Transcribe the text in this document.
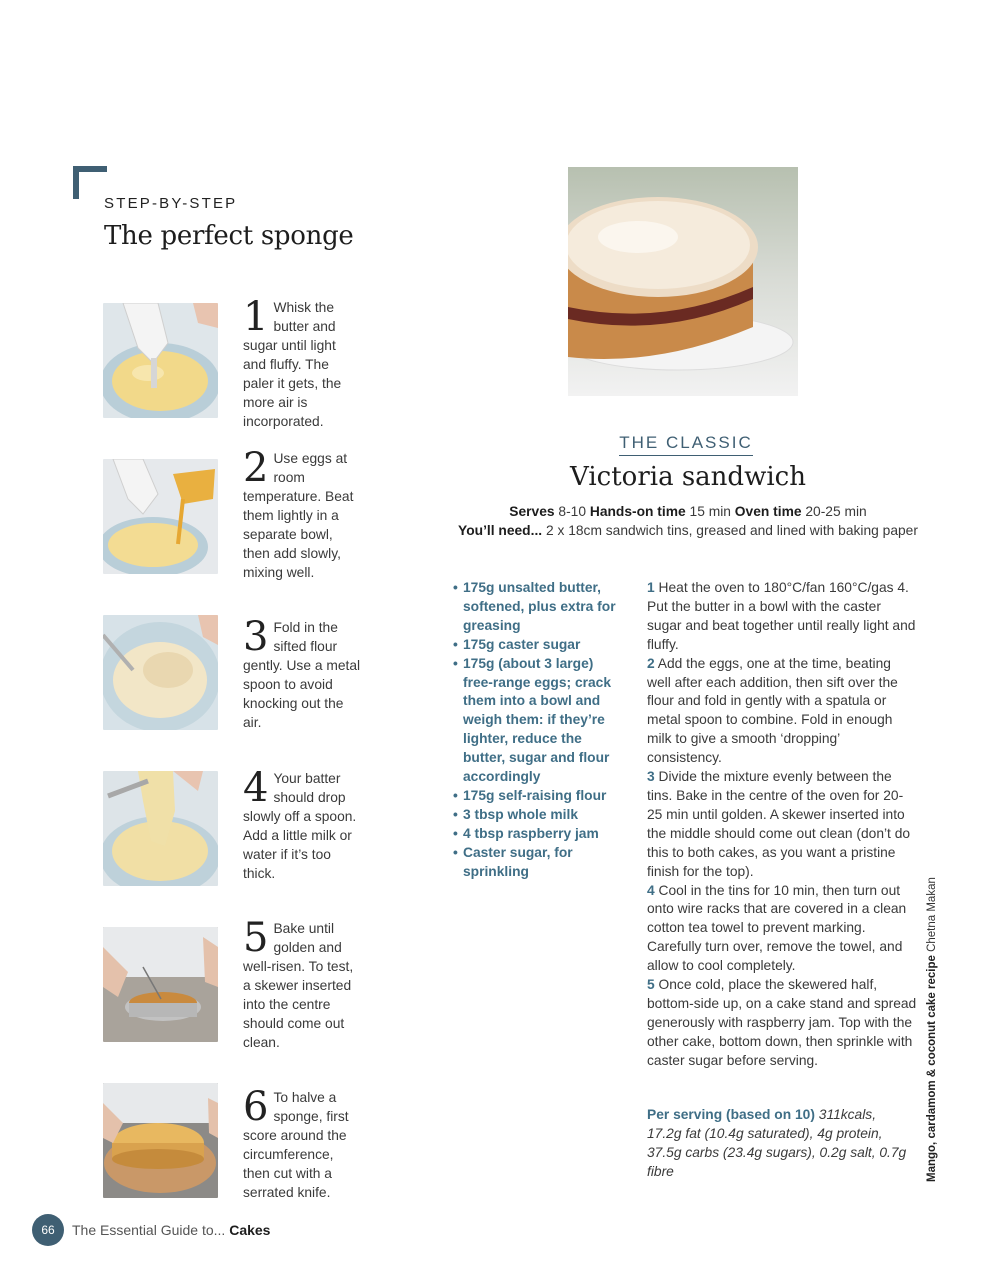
STEP-BY-STEP
The perfect sponge
1 Whisk the butter and sugar until light and fluffy. The paler it gets, the more air is incorporated.
2 Use eggs at room temperature. Beat them lightly in a separate bowl, then add slowly, mixing well.
3 Fold in the sifted flour gently. Use a metal spoon to avoid knocking out the air.
4 Your batter should drop slowly off a spoon. Add a little milk or water if it’s too thick.
5 Bake until golden and well-risen. To test, a skewer inserted into the centre should come out clean.
6 To halve a sponge, first score around the circumference, then cut with a serrated knife.
THE CLASSIC
Victoria sandwich
Serves 8-10 Hands-on time 15 min Oven time 20-25 min
You’ll need... 2 x 18cm sandwich tins, greased and lined with baking paper
• 175g unsalted butter, softened, plus extra for greasing
• 175g caster sugar
• 175g (about 3 large) free-range eggs; crack them into a bowl and weigh them: if they’re lighter, reduce the butter, sugar and flour accordingly
• 175g self-raising flour
• 3 tbsp whole milk
• 4 tbsp raspberry jam
• Caster sugar, for sprinkling

1 Heat the oven to 180°C/fan 160°C/gas 4. Put the butter in a bowl with the caster sugar and beat together until really light and fluffy.

2 Add the eggs, one at the time, beating well after each addition, then sift over the flour and fold in gently with a spatula or metal spoon to combine. Fold in enough milk to give a smooth ‘dropping’ consistency.

3 Divide the mixture evenly between the tins. Bake in the centre of the oven for 20-25 min until golden. A skewer inserted into the middle should come out clean (don’t do this to both cakes, as you want a pristine finish for the top).

4 Cool in the tins for 10 min, then turn out onto wire racks that are covered in a clean cotton tea towel to prevent marking. Carefully turn over, remove the towel, and allow to cool completely.

5 Once cold, place the skewered half, bottom-side up, on a cake stand and spread generously with raspberry jam. Top with the other cake, bottom down, then sprinkle with caster sugar before serving.

Per serving (based on 10) 311kcals, 17.2g fat (10.4g saturated), 4g protein, 37.5g carbs (23.4g sugars), 0.2g salt, 0.7g fibre	Mango, cardamom & coconut cake recipe Chetna Makan
66	The Essential Guide to... Cakes
